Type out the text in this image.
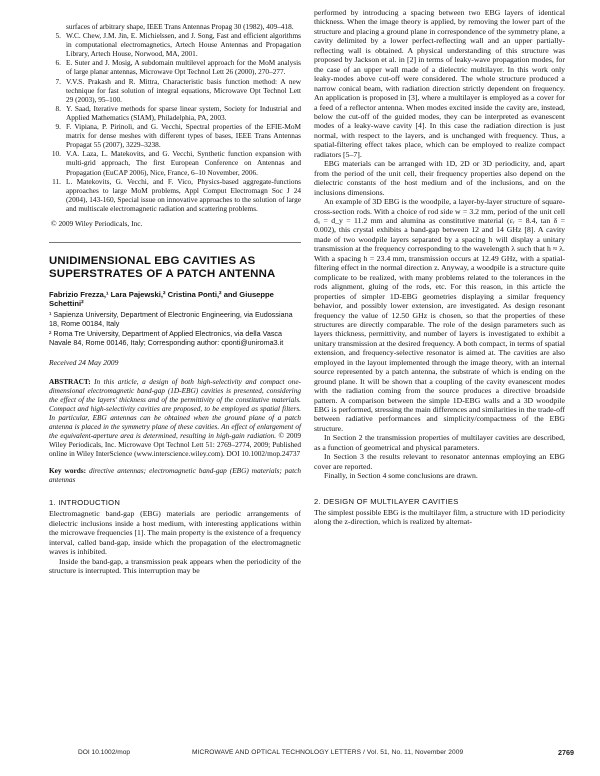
surfaces of arbitrary shape, IEEE Trans Antennas Propag 30 (1982), 409–418.
5. W.C. Chew, J.M. Jin, E. Michielssen, and J. Song, Fast and efficient algorithms in computational electromagnetics, Artech House Antennas and Propagation Library, Artech House, Norwood, MA, 2001.
6. E. Suter and J. Mosig, A subdomain multilevel approach for the MoM analysis of large planar antennas, Microwave Opt Technol Lett 26 (2000), 270–277.
7. V.V.S. Prakash and R. Mittra, Characteristic basis function method: A new technique for fast solution of integral equations, Microwave Opt Technol Lett 29 (2003), 95–100.
8. Y. Saad, Iterative methods for sparse linear system, Society for Industrial and Applied Mathematics (SIAM), Philadelphia, PA, 2003.
9. F. Vipiana, P. Pirinoli, and G. Vecchi, Spectral properties of the EFIE-MoM matrix for dense meshes with different types of bases, IEEE Trans Antennas Propagat 55 (2007), 3229–3238.
10. V.A. Laza, L. Matekovits, and G. Vecchi, Synthetic function expansion with multi-grid approach, The first European Conference on Antennas and Propagation (EuCAP 2006), Nice, France, 6–10 November, 2006.
11. L. Matekovits, G. Vecchi, and F. Vico, Physics-based aggregate-functions approaches to large MoM problems, Appl Comput Electromagn Soc J 24 (2004), 143-160, Special issue on innovative approaches to the solution of large and multiscale electromagnetic radiation and scattering problems.
© 2009 Wiley Periodicals, Inc.
UNIDIMENSIONAL EBG CAVITIES AS SUPERSTRATES OF A PATCH ANTENNA
Fabrizio Frezza,¹ Lara Pajewski,² Cristina Ponti,² and Giuseppe Schettini²
¹ Sapienza University, Department of Electronic Engineering, via Eudossiana 18, Rome 00184, Italy
² Roma Tre University, Department of Applied Electronics, via della Vasca Navale 84, Rome 00146, Italy; Corresponding author: cponti@uniroma3.it
Received 24 May 2009
ABSTRACT: In this article, a design of both high-selectivity and compact one-dimensional electromagnetic band-gap (1D-EBG) cavities is presented, considering the effect of the layers' thickness and of the permittivity of the constitutive materials. Compact and high-selectivity cavities are proposed, to be employed as spatial filters. In particular, EBG antennas can be obtained when the ground plane of a patch antenna is placed in the symmetry plane of these cavities. An effect of enlargement of the equivalent-aperture area is determined, resulting in high-gain radiation. © 2009 Wiley Periodicals, Inc. Microwave Opt Technol Lett 51: 2769–2774, 2009; Published online in Wiley InterScience (www.interscience.wiley.com). DOI 10.1002/mop.24737
Key words: directive antennas; electromagnetic band-gap (EBG) materials; patch antennas
1. INTRODUCTION

Electromagnetic band-gap (EBG) materials are periodic arrangements of dielectric inclusions inside a host medium, with interesting applications within the microwave frequencies [1]. The main property is the existence of a frequency interval, called band-gap, inside which the propagation of the electromagnetic waves is inhibited.

Inside the band-gap, a transmission peak appears when the periodicity of the structure is interrupted. This interruption may be

performed by introducing a spacing between two EBG layers of identical thickness. When the image theory is applied, by removing the lower part of the structure and placing a ground plane in correspondence of the symmetry plane, a cavity delimited by a lower perfect-reflecting wall and an upper partially-reflecting wall is obtained. A physical understanding of this structure was proposed by Jackson et al. in [2] in terms of leaky-wave propagation modes, for the case of an upper wall made of a dielectric multilayer. In this work only leaky-modes above cut-off were considered. The whole structure produced a narrow conical beam, with radiation direction strictly dependent on frequency. An application is proposed in [3], where a multilayer is employed as a cover for a feed of a reflector antenna. When modes excited inside the cavity are, instead, below the cut-off of the guided modes, they can be interpreted as evanescent modes of a leaky-wave cavity [4]. In this case the radiation direction is just normal, with respect to the layers, and is unchanged with frequency. Thus, a spatial-filtering effect takes place, which can be employed to realize compact radiators [5–7].

EBG materials can be arranged with 1D, 2D or 3D periodicity, and, apart from the period of the unit cell, their frequency properties also depend on the dielectric constants of the host medium and of the inclusions, and on the inclusions dimensions.

An example of 3D EBG is the woodpile, a layer-by-layer structure of square-cross-section rods. With a choice of rod side w = 3.2 mm, period of the unit cell dₓ = d_y = 11.2 mm and alumina as constitutive material (εᵣ = 8.4, tan δ = 0.002), this crystal exhibits a band-gap between 12 and 14 GHz [8]. A cavity made of two woodpile layers separated by a spacing h will display a unitary transmission at the frequency corresponding to the wavelength λ such that h ≈ λ. With a spacing h = 23.4 mm, transmission occurs at 12.49 GHz, with a spatial-filtering effect in the normal direction z. Anyway, a woodpile is a structure quite complicate to be realized, with many problems related to the tolerances in the rods alignment, gluing of the rods, etc. For this reason, in this article the properties of simpler 1D-EBG geometries displaying a similar frequency behavior, and possibly lower extension, are investigated. As design resonant frequency the value of 12.50 GHz is chosen, so that the properties of these structures are directly comparable. The role of the design parameters such as layers thickness, permittivity, and number of layers is investigated to exhibit a unitary transmission at the desired frequency. A both compact, in terms of spatial extension, and frequency-selective resonator is aimed at. The cavities are also employed in the layout implemented through the image theory, with an internal source represented by a patch antenna, the substrate of which is ending on the ground plane. It will be shown that a coupling of the cavity evanescent modes with the radiation coming from the source produces a directive broadside pattern. A comparison between the simple 1D-EBG walls and a 3D woodpile EBG is performed, stressing the main differences and similarities in the trade-off between radiative performances and simplicity/compactness of the EBG structure.

In Section 2 the transmission properties of multilayer cavities are described, as a function of geometrical and physical parameters.

In Section 3 the results relevant to resonator antennas employing an EBG cover are reported.

Finally, in Section 4 some conclusions are drawn.

2. DESIGN OF MULTILAYER CAVITIES

The simplest possible EBG is the multilayer film, a structure with 1D periodicity along the z-direction, which is realized by alternat-

DOI 10.1002/mop	MICROWAVE AND OPTICAL TECHNOLOGY LETTERS / Vol. 51, No. 11, November 2009	2769
